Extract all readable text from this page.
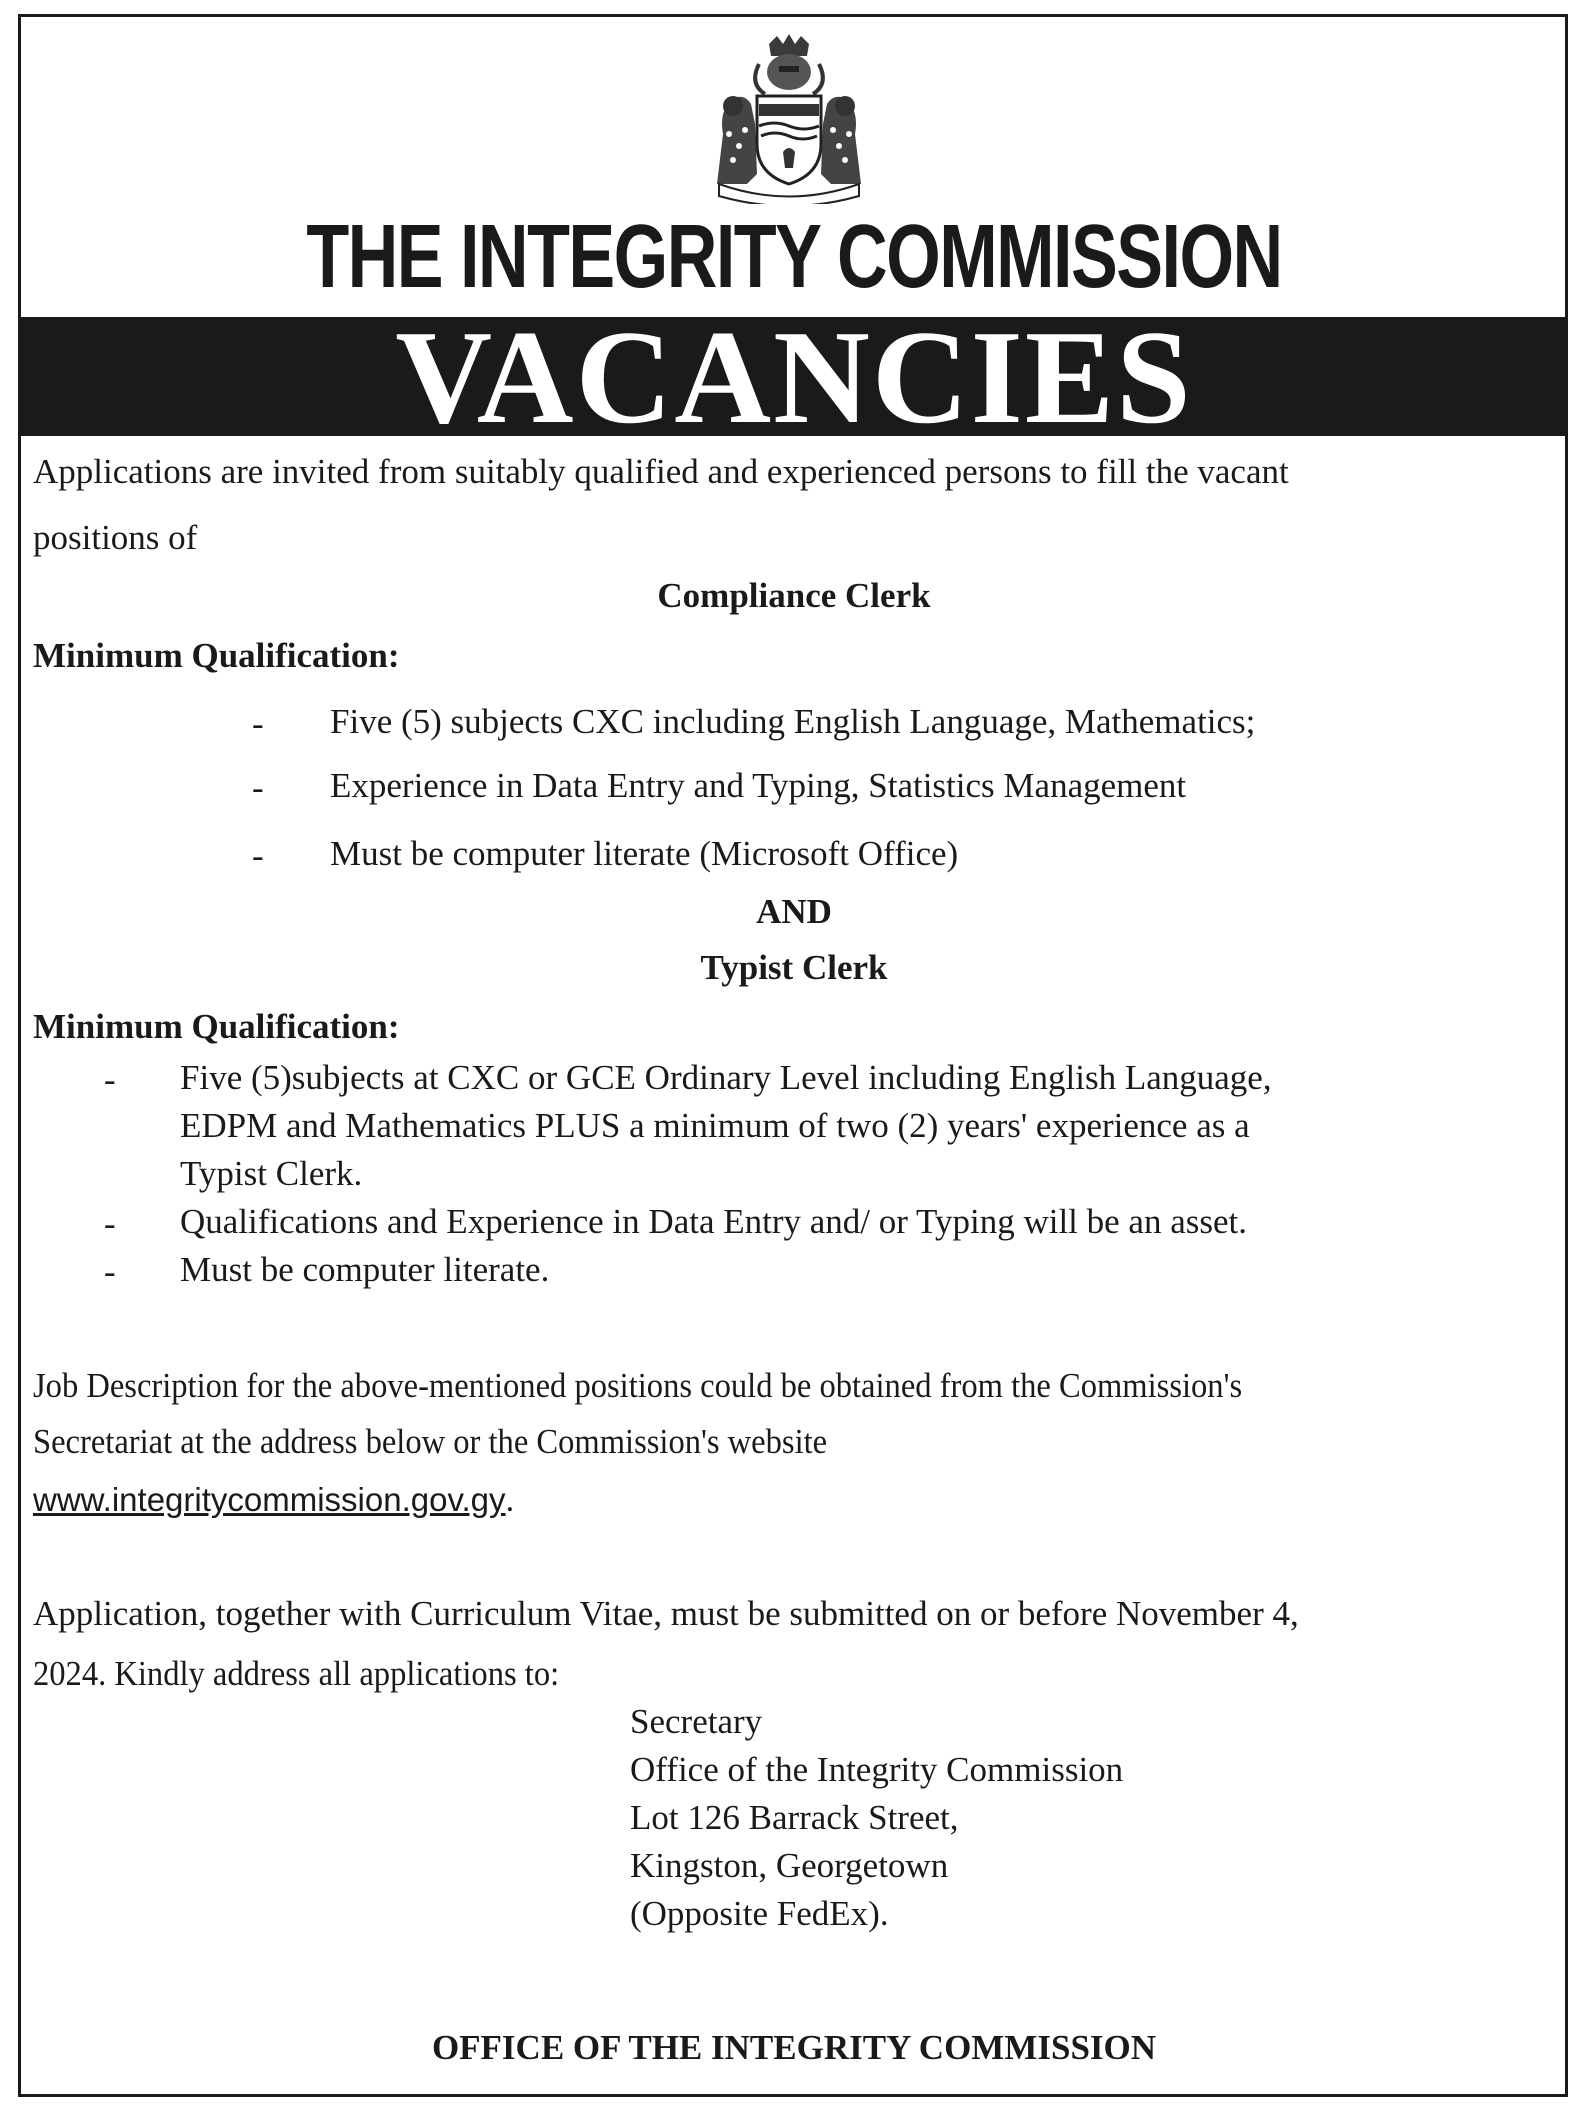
THE INTEGRITY COMMISSION
VACANCIES
Applications are invited from suitably qualified and experienced persons to fill the vacant
positions of
Compliance Clerk
Minimum Qualification:
- Five (5) subjects CXC including English Language, Mathematics;
- Experience in Data Entry and Typing, Statistics Management
- Must be computer literate (Microsoft Office)
AND
Typist Clerk
Minimum Qualification:
- Five (5)subjects at CXC or GCE Ordinary Level including English Language,
EDPM and Mathematics PLUS a minimum of two (2) years' experience as a
Typist Clerk.
- Qualifications and Experience in Data Entry and/ or Typing will be an asset.
- Must be computer literate.
Job Description for the above-mentioned positions could be obtained from the Commission's
Secretariat at the address below or the Commission's website
www.integritycommission.gov.gy.
Application, together with Curriculum Vitae, must be submitted on or before November 4,
2024. Kindly address all applications to:
Secretary
Office of the Integrity Commission
Lot 126 Barrack Street,
Kingston, Georgetown
(Opposite FedEx).
OFFICE OF THE INTEGRITY COMMISSION
